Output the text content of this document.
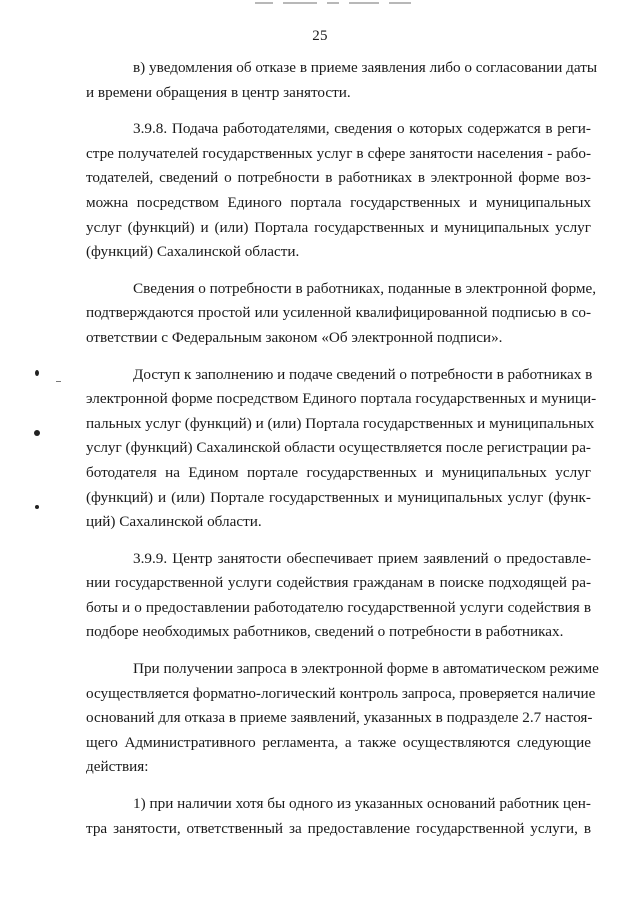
25
в) уведомления об отказе в приеме заявления либо о согласовании даты
и времени обращения в центр занятости.
3.9.8. Подача работодателями, сведения о которых содержатся в реги-
стре получателей государственных услуг в сфере занятости населения - рабо-
тодателей, сведений о потребности в работниках в электронной форме воз-
можна посредством Единого портала государственных и муниципальных
услуг (функций) и (или) Портала государственных и муниципальных услуг
(функций) Сахалинской области.
Сведения о потребности в работниках, поданные в электронной форме,
подтверждаются простой или усиленной квалифицированной подписью в со-
ответствии с Федеральным законом «Об электронной подписи».
Доступ к заполнению и подаче сведений о потребности в работниках в
электронной форме посредством Единого портала государственных и муници-
пальных услуг (функций) и (или) Портала государственных и муниципальных
услуг (функций) Сахалинской области осуществляется после регистрации ра-
ботодателя на Едином портале государственных и муниципальных услуг
(функций) и (или) Портале государственных и муниципальных услуг (функ-
ций) Сахалинской области.
3.9.9. Центр занятости обеспечивает прием заявлений о предоставле-
нии государственной услуги содействия гражданам в поиске подходящей ра-
боты и о предоставлении работодателю государственной услуги содействия в
подборе необходимых работников, сведений о потребности в работниках.
При получении запроса в электронной форме в автоматическом режиме
осуществляется форматно-логический контроль запроса, проверяется наличие
оснований для отказа в приеме заявлений, указанных в подразделе 2.7 настоя-
щего Административного регламента, а также осуществляются следующие
действия:
1) при наличии хотя бы одного из указанных оснований работник цен-
тра занятости, ответственный за предоставление государственной услуги, в
